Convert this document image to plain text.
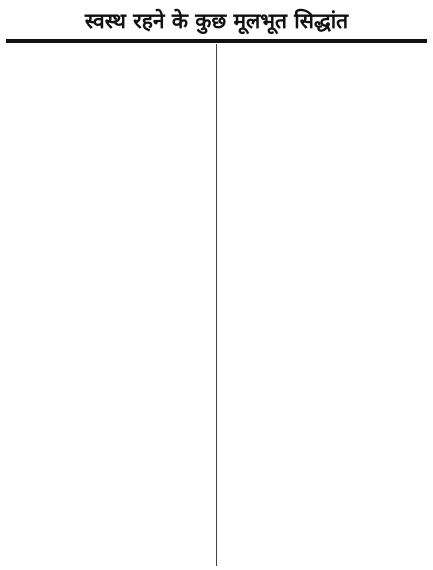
स्वस्थ रहने के कुछ मूलभूत सिद्धांत
